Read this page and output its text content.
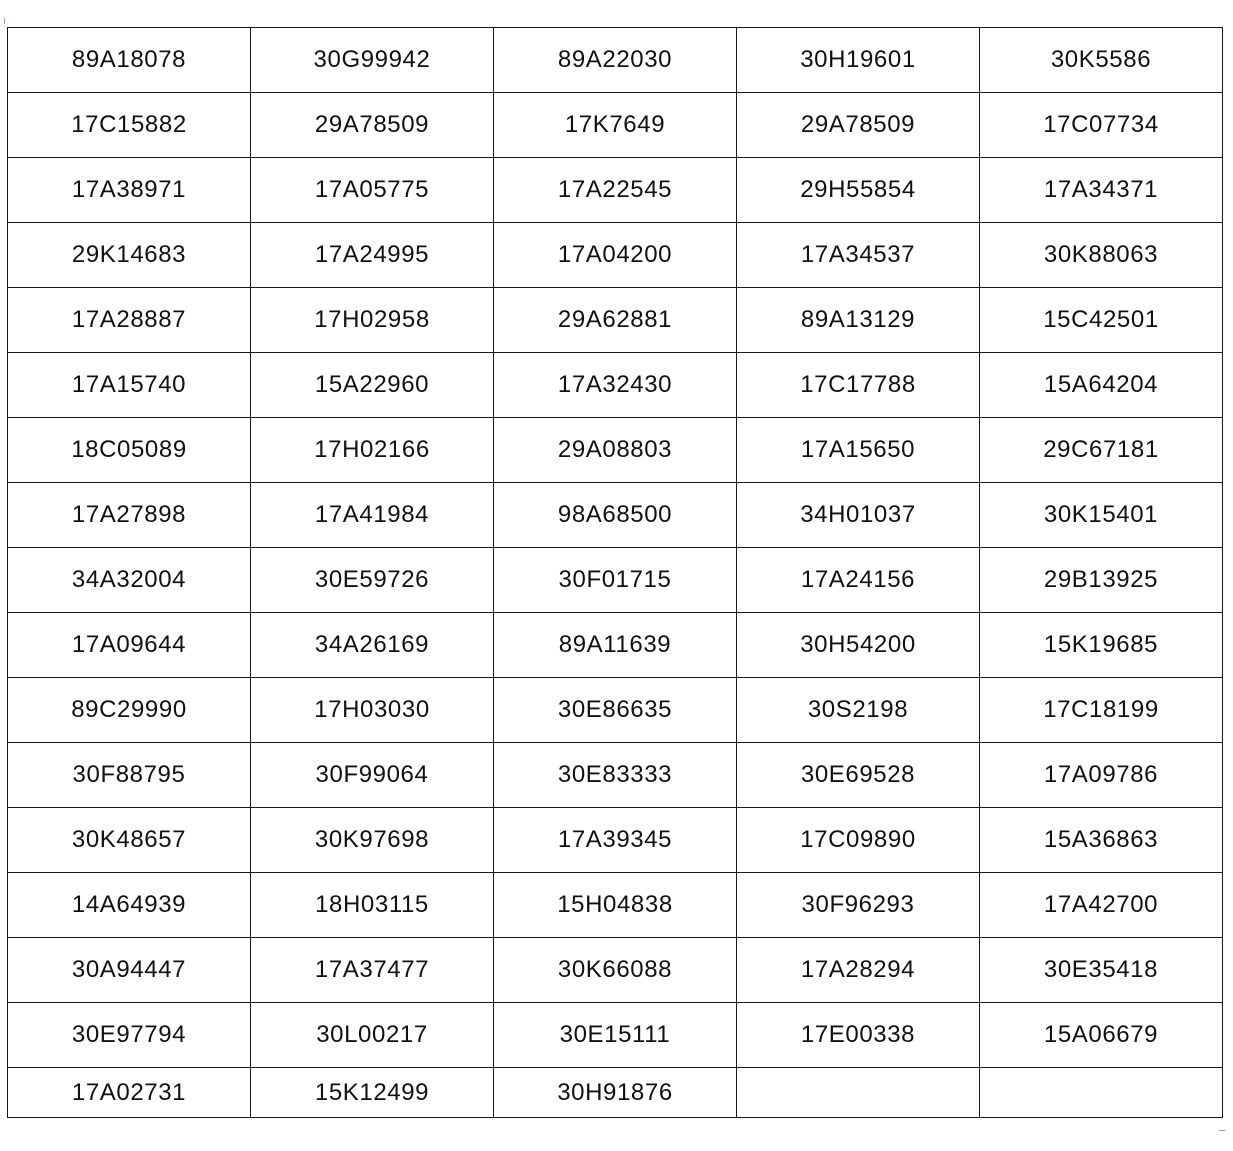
89A18078	30G99942	89A22030	30H19601	30K5586
17C15882	29A78509	17K7649	29A78509	17C07734
17A38971	17A05775	17A22545	29H55854	17A34371
29K14683	17A24995	17A04200	17A34537	30K88063
17A28887	17H02958	29A62881	89A13129	15C42501
17A15740	15A22960	17A32430	17C17788	15A64204
18C05089	17H02166	29A08803	17A15650	29C67181
17A27898	17A41984	98A68500	34H01037	30K15401
34A32004	30E59726	30F01715	17A24156	29B13925
17A09644	34A26169	89A11639	30H54200	15K19685
89C29990	17H03030	30E86635	30S2198	17C18199
30F88795	30F99064	30E83333	30E69528	17A09786
30K48657	30K97698	17A39345	17C09890	15A36863
14A64939	18H03115	15H04838	30F96293	17A42700
30A94447	17A37477	30K66088	17A28294	30E35418
30E97794	30L00217	30E15111	17E00338	15A06679
17A02731	15K12499	30H91876		
